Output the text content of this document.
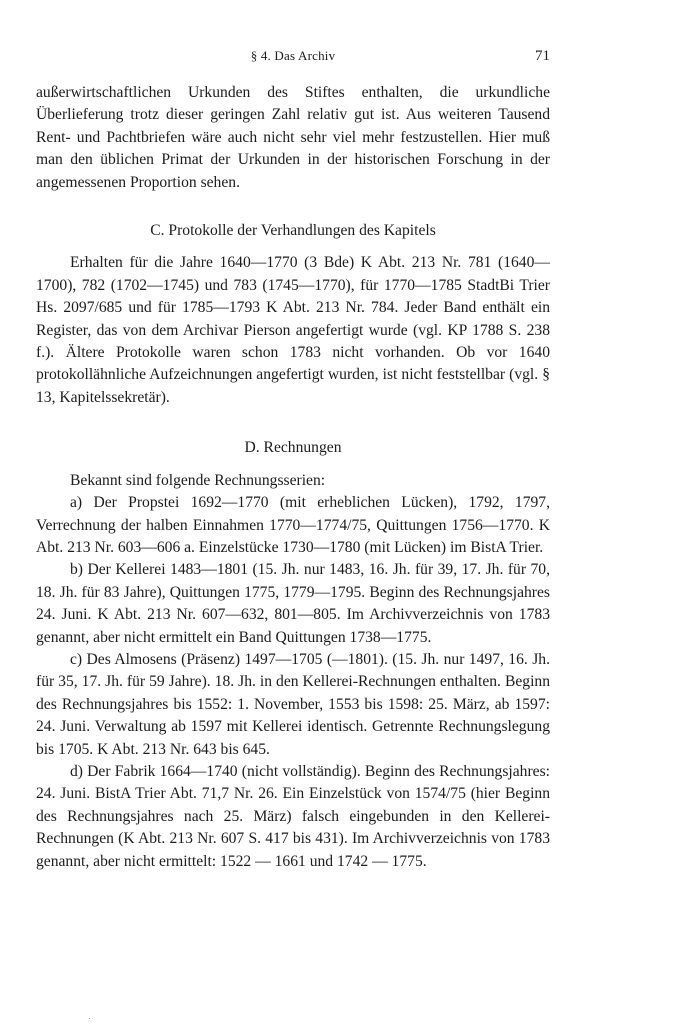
§ 4. Das Archiv	71

außerwirtschaftlichen Urkunden des Stiftes enthalten, die urkundliche Überlieferung trotz dieser geringen Zahl relativ gut ist. Aus weiteren Tausend Rent- und Pachtbriefen wäre auch nicht sehr viel mehr festzustellen. Hier muß man den üblichen Primat der Urkunden in der historischen Forschung in der angemessenen Proportion sehen.

C. Protokolle der Verhandlungen des Kapitels

Erhalten für die Jahre 1640—1770 (3 Bde) K Abt. 213 Nr. 781 (1640—1700), 782 (1702—1745) und 783 (1745—1770), für 1770—1785 StadtBi Trier Hs. 2097/685 und für 1785—1793 K Abt. 213 Nr. 784. Jeder Band enthält ein Register, das von dem Archivar Pierson angefertigt wurde (vgl. KP 1788 S. 238 f.). Ältere Protokolle waren schon 1783 nicht vorhanden. Ob vor 1640 protokollähnliche Aufzeichnungen angefertigt wurden, ist nicht feststellbar (vgl. § 13, Kapitelssekretär).

D. Rechnungen

Bekannt sind folgende Rechnungsserien:

a) Der Propstei 1692—1770 (mit erheblichen Lücken), 1792, 1797, Verrechnung der halben Einnahmen 1770—1774/75, Quittungen 1756—1770. K Abt. 213 Nr. 603—606 a. Einzelstücke 1730—1780 (mit Lücken) im BistA Trier.

b) Der Kellerei 1483—1801 (15. Jh. nur 1483, 16. Jh. für 39, 17. Jh. für 70, 18. Jh. für 83 Jahre), Quittungen 1775, 1779—1795. Beginn des Rechnungsjahres 24. Juni. K Abt. 213 Nr. 607—632, 801—805. Im Archivverzeichnis von 1783 genannt, aber nicht ermittelt ein Band Quittungen 1738—1775.

c) Des Almosens (Präsenz) 1497—1705 (—1801). (15. Jh. nur 1497, 16. Jh. für 35, 17. Jh. für 59 Jahre). 18. Jh. in den Kellerei-Rechnungen enthalten. Beginn des Rechnungsjahres bis 1552: 1. November, 1553 bis 1598: 25. März, ab 1597: 24. Juni. Verwaltung ab 1597 mit Kellerei identisch. Getrennte Rechnungslegung bis 1705. K Abt. 213 Nr. 643 bis 645.

d) Der Fabrik 1664—1740 (nicht vollständig). Beginn des Rechnungsjahres: 24. Juni. BistA Trier Abt. 71,7 Nr. 26. Ein Einzelstück von 1574/75 (hier Beginn des Rechnungsjahres nach 25. März) falsch eingebunden in den Kellerei-Rechnungen (K Abt. 213 Nr. 607 S. 417 bis 431). Im Archivverzeichnis von 1783 genannt, aber nicht ermittelt: 1522 — 1661 und 1742 — 1775.
